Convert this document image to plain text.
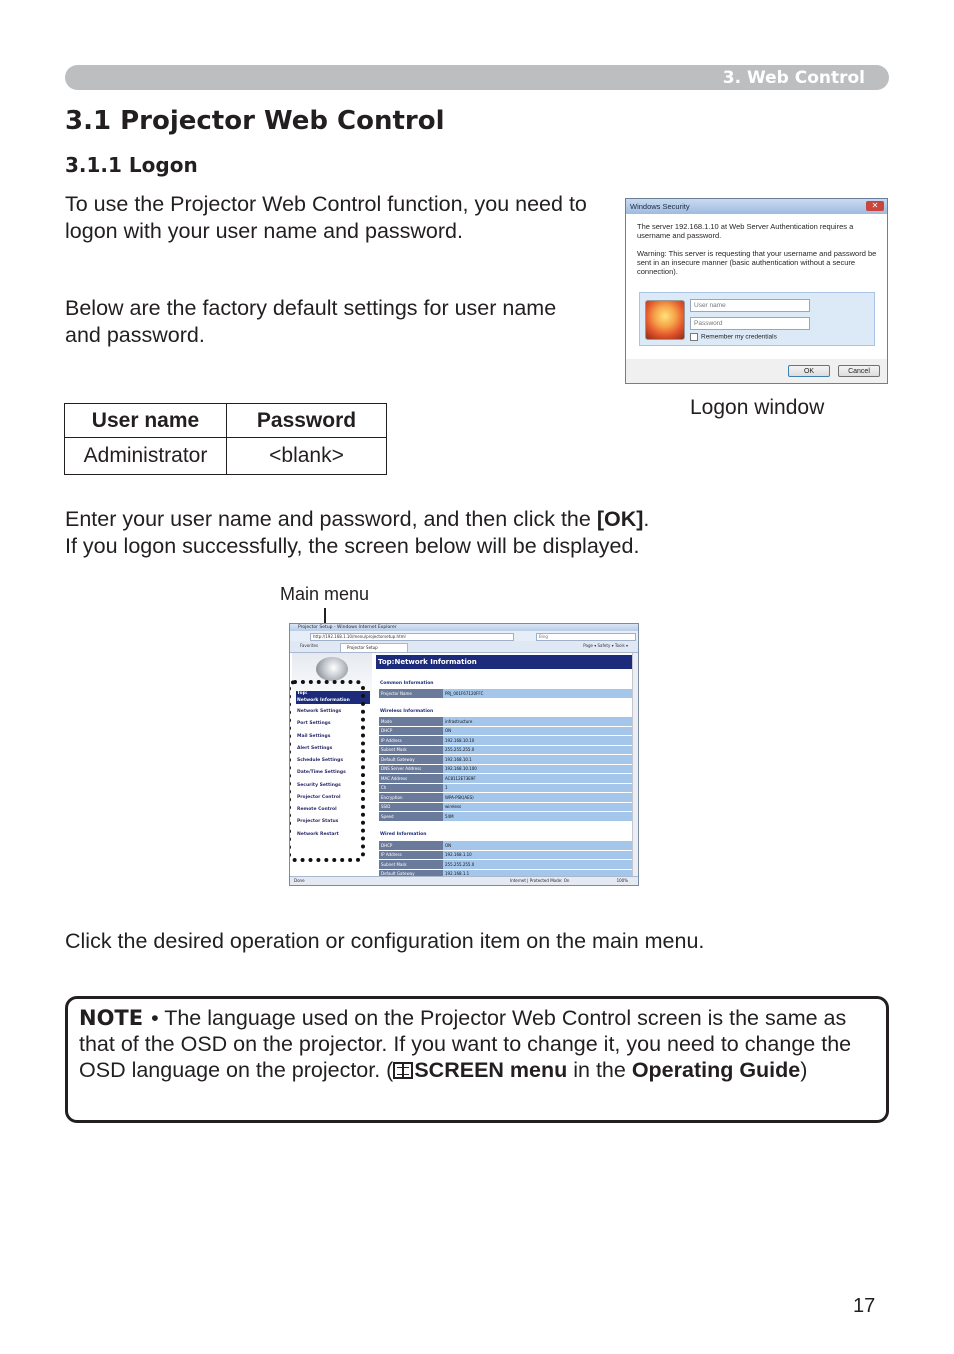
3. Web Control
3.1 Projector Web Control
3.1.1 Logon

To use the Projector Web Control function, you need to logon with your user name and password.

Below are the factory default settings for user name and password.

User name	Password
Administrator	<blank>
Windows Security	✕
The server 192.168.1.10 at Web Server Authentication requires a username and password.
Warning: This server is requesting that your username and password be sent in an insecure manner (basic authentication without a secure connection).
User name
Password
Remember my credentials
OK	Cancel
Logon window

Enter your user name and password, and then click the [OK].
If you logon successfully, the screen below will be displayed.

Main menu
Projector Setup - Windows Internet Explorer
http://192.168.1.10/menu/projectorsetup.html	Bing
Favorites	Projector Setup	Page ▾ Safety ▾ Tools ▾
Top:
Network Information
Network Settings
Port Settings
Mail Settings
Alert Settings
Schedule Settings
Date/Time Settings
Security Settings
Projector Control
Remote Control
Projector Status
Network Restart
Top:Network Information
Common Information
Projector Name	PRJ_001F67120FFC
Wireless Information
Mode	infrastructure
DHCP	ON
IP Address	192.168.10.10
Subnet Mask	255.255.255.0
Default Gateway	192.168.10.1
DNS Server Address	192.168.10.100
MAC Address	AC8112E73E9F
Ch	1
Encryption	WPA-PSK(AES)
SSID	wireless
Speed	54M
Wired Information
DHCP	ON
IP Address	192.168.1.10
Subnet Mask	255.255.255.0
Default Gateway	192.168.1.1
Done	Internet | Protected Mode: On	100%

Click the desired operation or configuration item on the main menu.

NOTE • The language used on the Projector Web Control screen is the same as that of the OSD on the projector. If you want to change it, you need to change the OSD language on the projector. ( SCREEN menu in the Operating Guide)

17
